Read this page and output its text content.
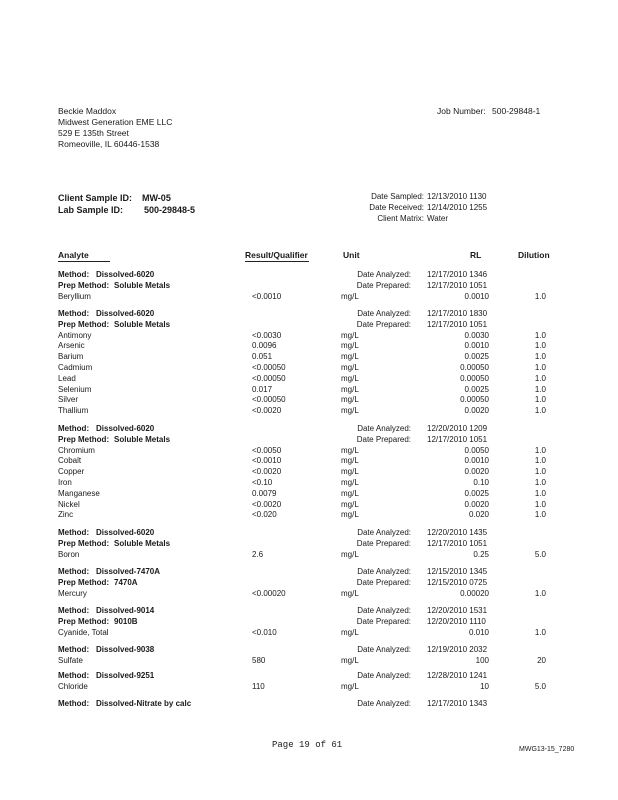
Beckie Maddox
Midwest Generation EME LLC
529 E 135th Street
Romeoville, IL 60446-1538
Job Number: 500-29848-1
Client Sample ID: MW-05
Lab Sample ID: 500-29848-5
Date Sampled: 12/13/2010 1130
Date Received: 12/14/2010 1255
Client Matrix: Water
Analyte	Result/Qualifier	Unit	RL	Dilution
Method: Dissolved-6020	Date Analyzed: 12/17/2010 1346
Prep Method: Soluble Metals	Date Prepared: 12/17/2010 1051
Beryllium	<0.0010	mg/L	0.0010	1.0
Method: Dissolved-6020	Date Analyzed: 12/17/2010 1830
Prep Method: Soluble Metals	Date Prepared: 12/17/2010 1051
Antimony	<0.0030	mg/L	0.0030	1.0
Arsenic	0.0096	mg/L	0.0010	1.0
Barium	0.051	mg/L	0.0025	1.0
Cadmium	<0.00050	mg/L	0.00050	1.0
Lead	<0.00050	mg/L	0.00050	1.0
Selenium	0.017	mg/L	0.0025	1.0
Silver	<0.00050	mg/L	0.00050	1.0
Thallium	<0.0020	mg/L	0.0020	1.0
Method: Dissolved-6020	Date Analyzed: 12/20/2010 1209
Prep Method: Soluble Metals	Date Prepared: 12/17/2010 1051
Chromium	<0.0050	mg/L	0.0050	1.0
Cobalt	<0.0010	mg/L	0.0010	1.0
Copper	<0.0020	mg/L	0.0020	1.0
Iron	<0.10	mg/L	0.10	1.0
Manganese	0.0079	mg/L	0.0025	1.0
Nickel	<0.0020	mg/L	0.0020	1.0
Zinc	<0.020	mg/L	0.020	1.0
Method: Dissolved-6020	Date Analyzed: 12/20/2010 1435
Prep Method: Soluble Metals	Date Prepared: 12/17/2010 1051
Boron	2.6	mg/L	0.25	5.0
Method: Dissolved-7470A	Date Analyzed: 12/15/2010 1345
Prep Method: 7470A	Date Prepared: 12/15/2010 0725
Mercury	<0.00020	mg/L	0.00020	1.0
Method: Dissolved-9014	Date Analyzed: 12/20/2010 1531
Prep Method: 9010B	Date Prepared: 12/20/2010 1110
Cyanide, Total	<0.010	mg/L	0.010	1.0
Method: Dissolved-9038	Date Analyzed: 12/19/2010 2032
Sulfate	580	mg/L	100	20
Method: Dissolved-9251	Date Analyzed: 12/28/2010 1241
Chloride	110	mg/L	10	5.0
Method: Dissolved-Nitrate by calc	Date Analyzed: 12/17/2010 1343
Page 19 of 61	MWG13-15_7280
